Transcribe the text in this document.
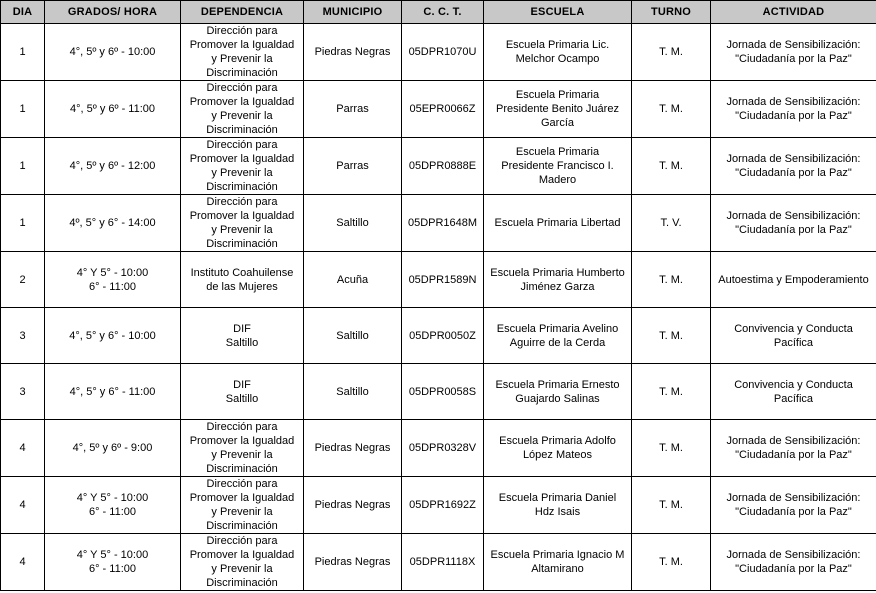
DIA	GRADOS/ HORA	DEPENDENCIA	MUNICIPIO	C. C. T.	ESCUELA	TURNO	ACTIVIDAD
1	4°, 5º y 6º - 10:00	Dirección para
Promover la Igualdad
y Prevenir la
Discriminación	Piedras Negras	05DPR1070U	Escuela Primaria Lic.
Melchor Ocampo	T. M.	Jornada de Sensibilización:
"Ciudadanía por la Paz"
1	4°, 5º y 6º - 11:00	Dirección para
Promover la Igualdad
y Prevenir la
Discriminación	Parras	05EPR0066Z	Escuela Primaria
Presidente Benito Juárez
García	T. M.	Jornada de Sensibilización:
"Ciudadanía por la Paz"
1	4°, 5º y 6º - 12:00	Dirección para
Promover la Igualdad
y Prevenir la
Discriminación	Parras	05DPR0888E	Escuela Primaria
Presidente Francisco I.
Madero	T. M.	Jornada de Sensibilización:
"Ciudadanía por la Paz"
1	4º, 5° y 6° - 14:00	Dirección para
Promover la Igualdad
y Prevenir la
Discriminación	Saltillo	05DPR1648M	Escuela Primaria Libertad	T. V.	Jornada de Sensibilización:
"Ciudadanía por la Paz"
2	4° Y 5° - 10:00
6° - 11:00	Instituto Coahuilense
de las Mujeres	Acuña	05DPR1589N	Escuela Primaria Humberto
Jiménez Garza	T. M.	Autoestima y Empoderamiento
3	4°, 5° y 6° - 10:00	DIF
Saltillo	Saltillo	05DPR0050Z	Escuela Primaria Avelino
Aguirre de la Cerda	T. M.	Convivencia y Conducta
Pacífica
3	4°, 5° y 6° - 11:00	DIF
Saltillo	Saltillo	05DPR0058S	Escuela Primaria Ernesto
Guajardo Salinas	T. M.	Convivencia y Conducta
Pacífica
4	4°, 5º y 6º - 9:00	Dirección para
Promover la Igualdad
y Prevenir la
Discriminación	Piedras Negras	05DPR0328V	Escuela Primaria Adolfo
López Mateos	T. M.	Jornada de Sensibilización:
"Ciudadanía por la Paz"
4	4° Y 5° - 10:00
6° - 11:00	Dirección para
Promover la Igualdad
y Prevenir la
Discriminación	Piedras Negras	05DPR1692Z	Escuela Primaria Daniel
Hdz Isais	T. M.	Jornada de Sensibilización:
"Ciudadanía por la Paz"
4	4° Y 5° - 10:00
6° - 11:00	Dirección para
Promover la Igualdad
y Prevenir la
Discriminación	Piedras Negras	05DPR1118X	Escuela Primaria Ignacio M
Altamirano	T. M.	Jornada de Sensibilización:
"Ciudadanía por la Paz"
